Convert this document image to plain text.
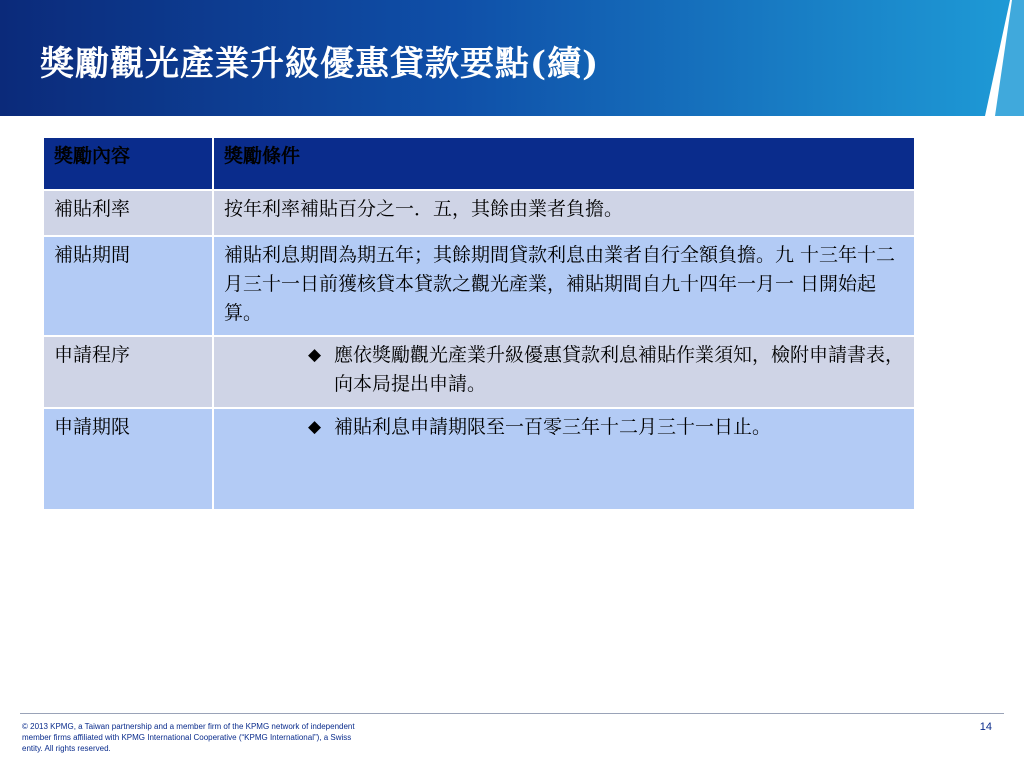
獎勵觀光產業升級優惠貸款要點(續)
獎勵內容	獎勵條件
補貼利率	按年利率補貼百分之一．五，其餘由業者負擔。
補貼期間	補貼利息期間為期五年；其餘期間貸款利息由業者自行全額負擔。九 十三年十二月三十一日前獲核貸本貸款之觀光產業，補貼期間自九十四年一月一 日開始起算。
申請程序	◆ 應依獎勵觀光產業升級優惠貸款利息補貼作業須知，檢附申請書表，向本局提出申請。

申請期限	◆ 補貼利息申請期限至一百零三年十二月三十一日止。
© 2013 KPMG, a Taiwan partnership and a member firm of the KPMG network of independent member firms affiliated with KPMG International Cooperative (“KPMG International”), a Swiss entity. All rights reserved.
14
